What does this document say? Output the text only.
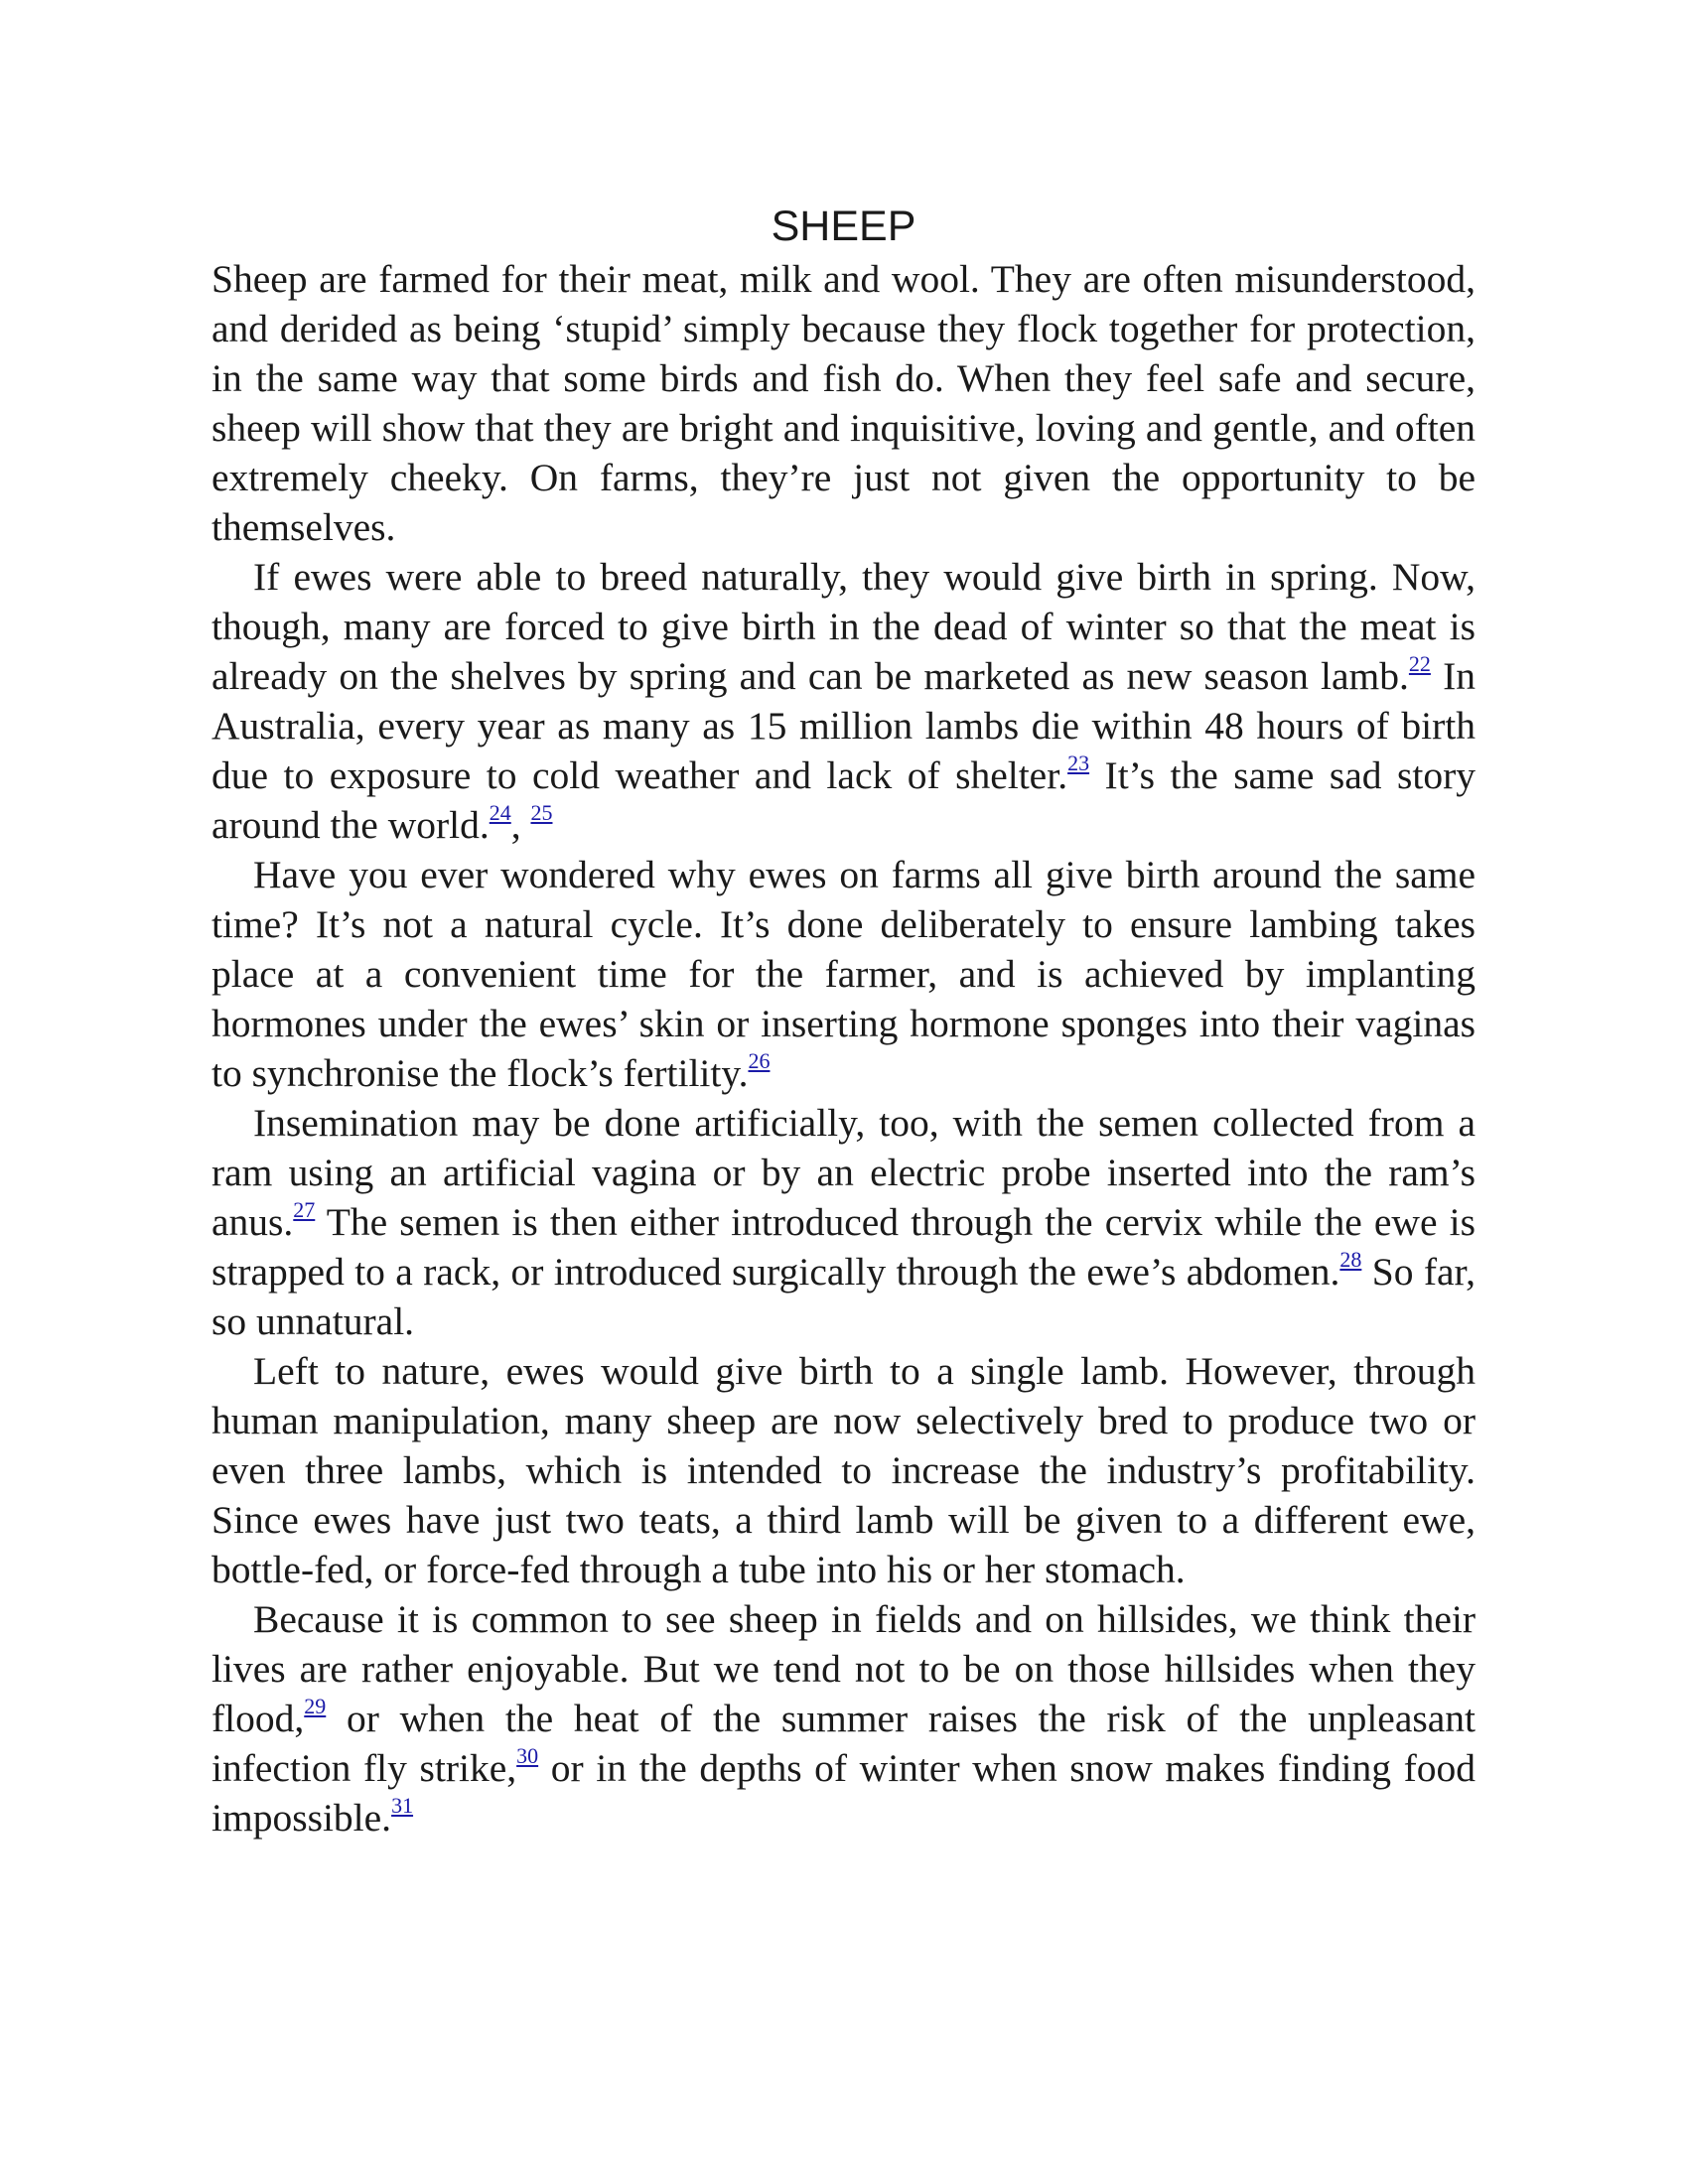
SHEEP

Sheep are farmed for their meat, milk and wool. They are often misunderstood, and derided as being ‘stupid’ simply because they flock together for protection, in the same way that some birds and fish do. When they feel safe and secure, sheep will show that they are bright and inquisitive, loving and gentle, and often extremely cheeky. On farms, they’re just not given the opportunity to be themselves.

If ewes were able to breed naturally, they would give birth in spring. Now, though, many are forced to give birth in the dead of winter so that the meat is already on the shelves by spring and can be marketed as new season lamb.$^{22}$ In Australia, every year as many as 15 million lambs die within 48 hours of birth due to exposure to cold weather and lack of shelter.$^{23}$ It’s the same sad story around the world.$^{24}$, $^{25}$

Have you ever wondered why ewes on farms all give birth around the same time? It’s not a natural cycle. It’s done deliberately to ensure lambing takes place at a convenient time for the farmer, and is achieved by implanting hormones under the ewes’ skin or inserting hormone sponges into their vaginas to synchronise the flock’s fertility.$^{26}$

Insemination may be done artificially, too, with the semen collected from a ram using an artificial vagina or by an electric probe inserted into the ram’s anus.$^{27}$ The semen is then either introduced through the cervix while the ewe is strapped to a rack, or introduced surgically through the ewe’s abdomen.$^{28}$ So far, so unnatural.

Left to nature, ewes would give birth to a single lamb. However, through human manipulation, many sheep are now selectively bred to produce two or even three lambs, which is intended to increase the industry’s profitability. Since ewes have just two teats, a third lamb will be given to a different ewe, bottle-fed, or force-fed through a tube into his or her stomach.

Because it is common to see sheep in fields and on hillsides, we think their lives are rather enjoyable. But we tend not to be on those hillsides when they flood,$^{29}$ or when the heat of the summer raises the risk of the unpleasant infection fly strike,$^{30}$ or in the depths of winter when snow makes finding food impossible.$^{31}$
